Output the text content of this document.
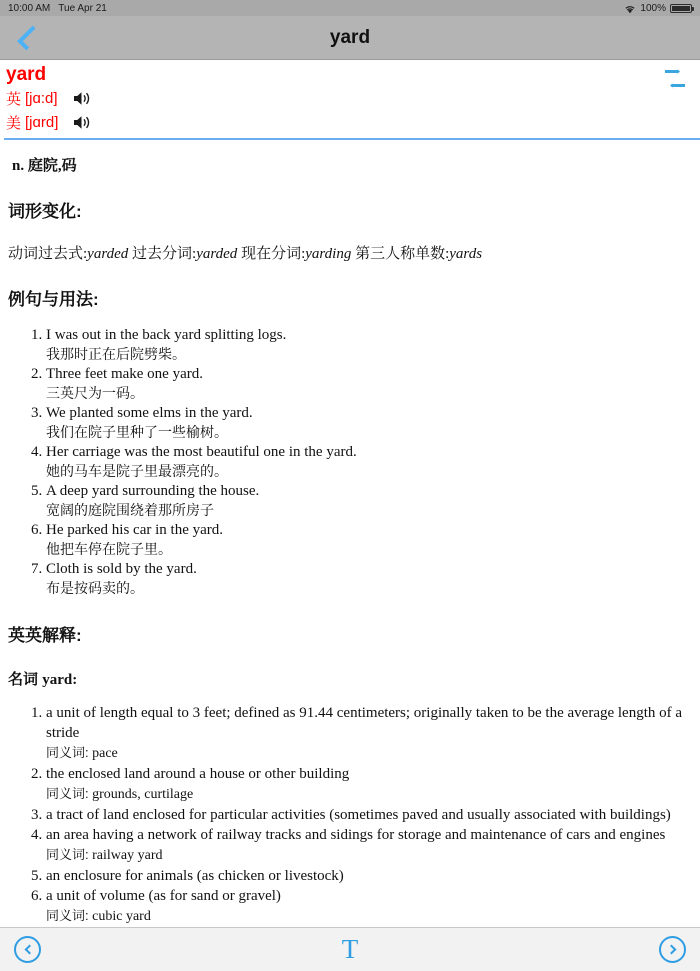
10:00 AM Tue Apr 21	100%
yard
yard
英 [jɑ:d]
美 [jɑrd]
n. 庭院,码
词形变化:
动词过去式:yarded 过去分词:yarded 现在分词:yarding 第三人称单数:yards
例句与用法:
1. I was out in the back yard splitting logs.
我那时正在后院劈柴。
2. Three feet make one yard.
三英尺为一码。
3. We planted some elms in the yard.
我们在院子里种了一些榆树。
4. Her carriage was the most beautiful one in the yard.
她的马车是院子里最漂亮的。
5. A deep yard surrounding the house.
宽阔的庭院围绕着那所房子
6. He parked his car in the yard.
他把车停在院子里。
7. Cloth is sold by the yard.
布是按码卖的。
英英解释:
名词 yard:
1. a unit of length equal to 3 feet; defined as 91.44 centimeters; originally taken to be the average length of a stride
同义词: pace
2. the enclosed land around a house or other building
同义词: grounds, curtilage
3. a tract of land enclosed for particular activities (sometimes paved and usually associated with buildings)
4. an area having a network of railway tracks and sidings for storage and maintenance of cars and engines
同义词: railway yard
5. an enclosure for animals (as chicken or livestock)
6. a unit of volume (as for sand or gravel)
同义词: cubic yard
T
